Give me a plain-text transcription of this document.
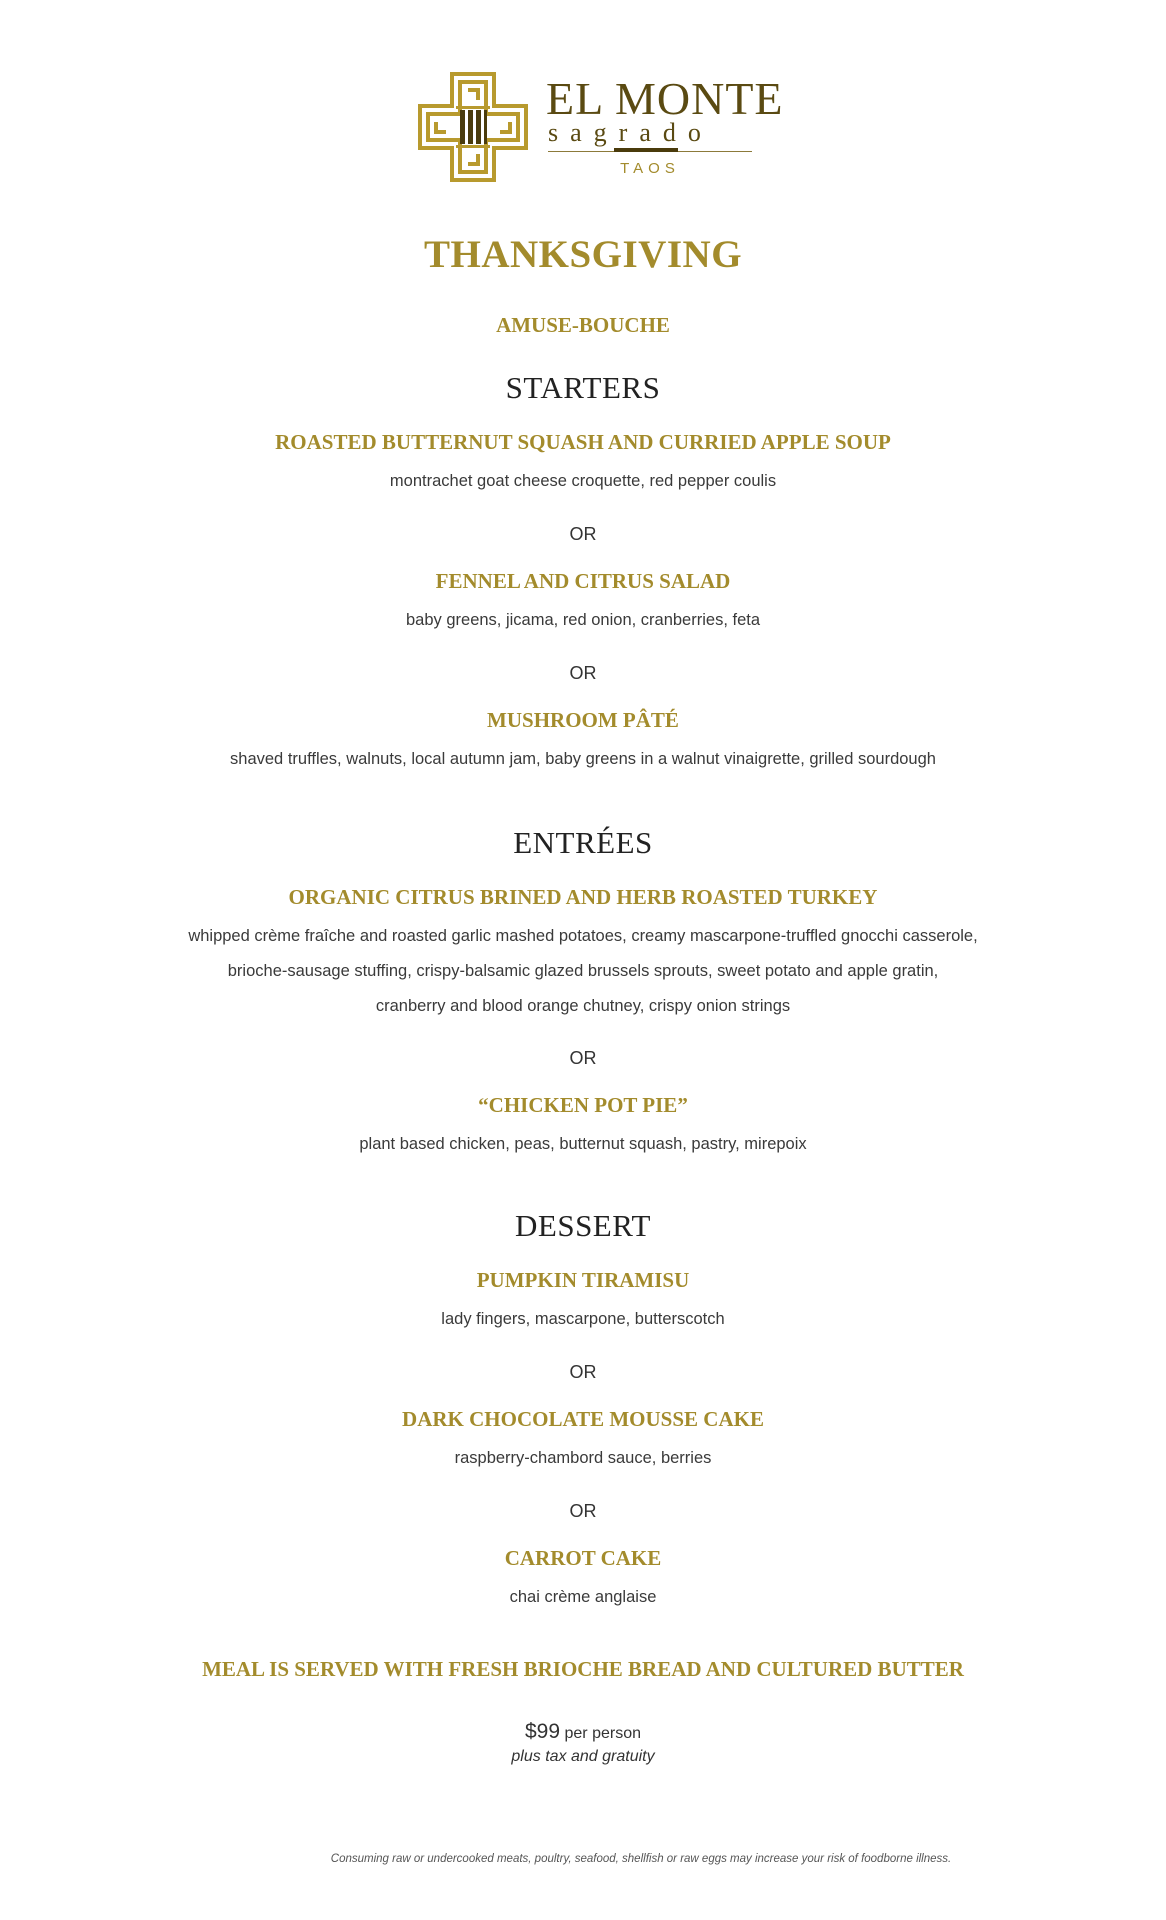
EL MONTE
sagrado
TAOS
THANKSGIVING
AMUSE-BOUCHE
STARTERS
ROASTED BUTTERNUT SQUASH AND CURRIED APPLE SOUP
montrachet goat cheese croquette, red pepper coulis
OR
FENNEL AND CITRUS SALAD
baby greens, jicama, red onion, cranberries, feta
OR
MUSHROOM PÂTÉ
shaved truffles, walnuts, local autumn jam, baby greens in a walnut vinaigrette, grilled sourdough
ENTRÉES
ORGANIC CITRUS BRINED AND HERB ROASTED TURKEY
whipped crème fraîche and roasted garlic mashed potatoes, creamy mascarpone-truffled gnocchi casserole,
brioche-sausage stuffing, crispy-balsamic glazed brussels sprouts, sweet potato and apple gratin,
cranberry and blood orange chutney, crispy onion strings
OR
“CHICKEN POT PIE”
plant based chicken, peas, butternut squash, pastry, mirepoix
DESSERT
PUMPKIN TIRAMISU
lady fingers, mascarpone, butterscotch
OR
DARK CHOCOLATE MOUSSE CAKE
raspberry-chambord sauce, berries
OR
CARROT CAKE
chai crème anglaise
MEAL IS SERVED WITH FRESH BRIOCHE BREAD AND CULTURED BUTTER
$99 per person
plus tax and gratuity
Consuming raw or undercooked meats, poultry, seafood, shellfish or raw eggs may increase your risk of foodborne illness.
